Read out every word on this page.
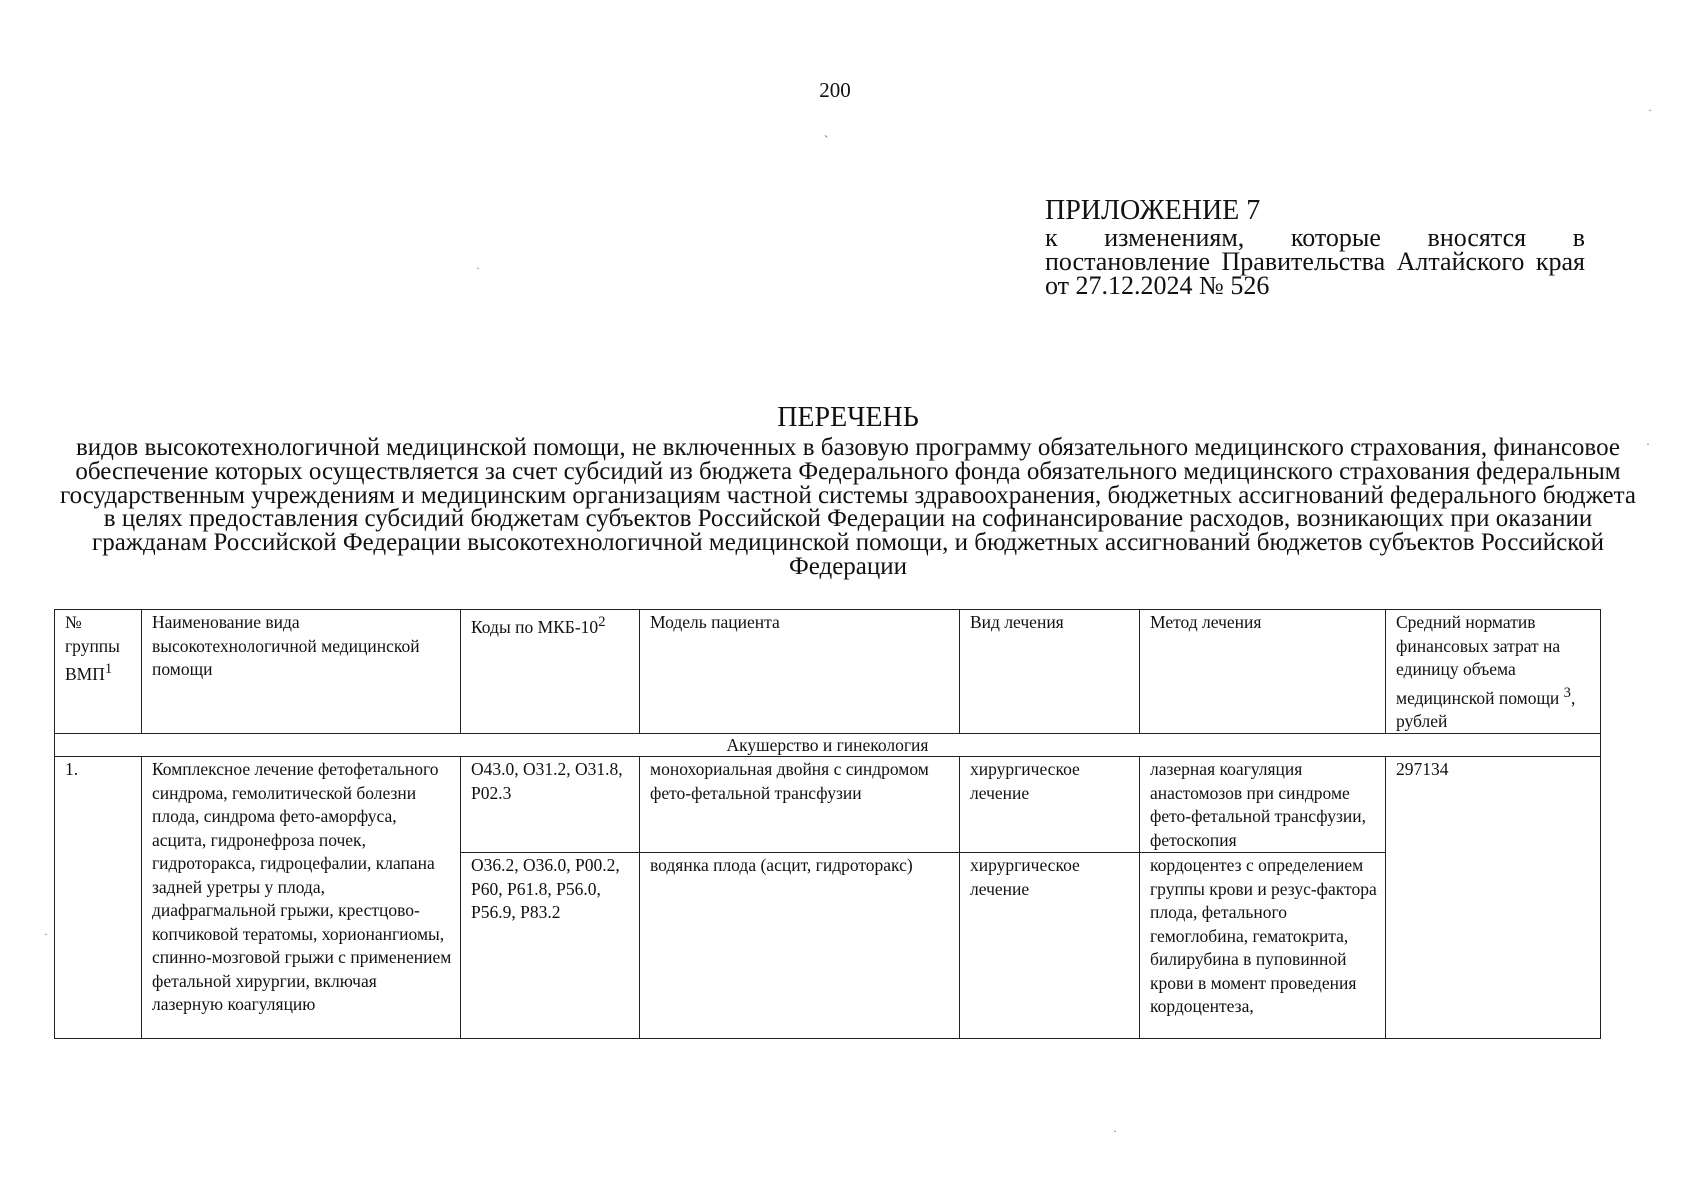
200
ˏ
·
·
·
·
·
ПРИЛОЖЕНИЕ 7
к изменениям, которые вносятся в постановление Правительства Алтайского края от 27.12.2024 № 526
ПЕРЕЧЕНЬ
видов высокотехнологичной медицинской помощи, не включенных в базовую программу обязательного медицинского страхования, финансовое обеспечение которых осуществляется за счет субсидий из бюджета Федерального фонда обязательного медицинского страхования федеральным государственным учреждениям и медицинским организациям частной системы здравоохранения, бюджетных ассигнований федерального бюджета в целях предоставления субсидий бюджетам субъектов Российской Федерации на софинансирование расходов, возникающих при оказании гражданам Российской Федерации высокотехнологичной медицинской помощи, и бюджетных ассигнований бюджетов субъектов Российской Федерации
№ группы ВМП$^1$	Наименование вида высокотехнологичной медицинской помощи	Коды по МКБ-$10^2$	Модель пациента	Вид лечения	Метод лечения	Средний норматив финансовых затрат на единицу объема медицинской помощи $^3$, рублей
Акушерство и гинекология						
1.	Комплексное лечение фетофетального синдрома, гемолитической болезни плода, синдрома фето-аморфуса, асцита, гидронефроза почек, гидроторакса, гидроцефалии, клапана задней уретры у плода, диафрагмальной грыжи, крестцово-копчиковой тератомы, хорионангиомы, спинно-мозговой грыжи с применением фетальной хирургии, включая лазерную коагуляцию	O43.0, O31.2, O31.8, P02.3	монохориальная двойня с синдромом фето-фетальной трансфузии	хирургическое лечение	лазерная коагуляция анастомозов при синдроме фето-фетальной трансфузии, фетоскопия	297134
		O36.2, O36.0, P00.2, P60, P61.8, P56.0, P56.9, P83.2	водянка плода (асцит, гидроторакс)	хирургическое лечение	кордоцентез с определением группы крови и резус-фактора плода, фетального гемоглобина, гематокрита, билирубина в пуповинной крови в момент проведения кордоцентеза,	
